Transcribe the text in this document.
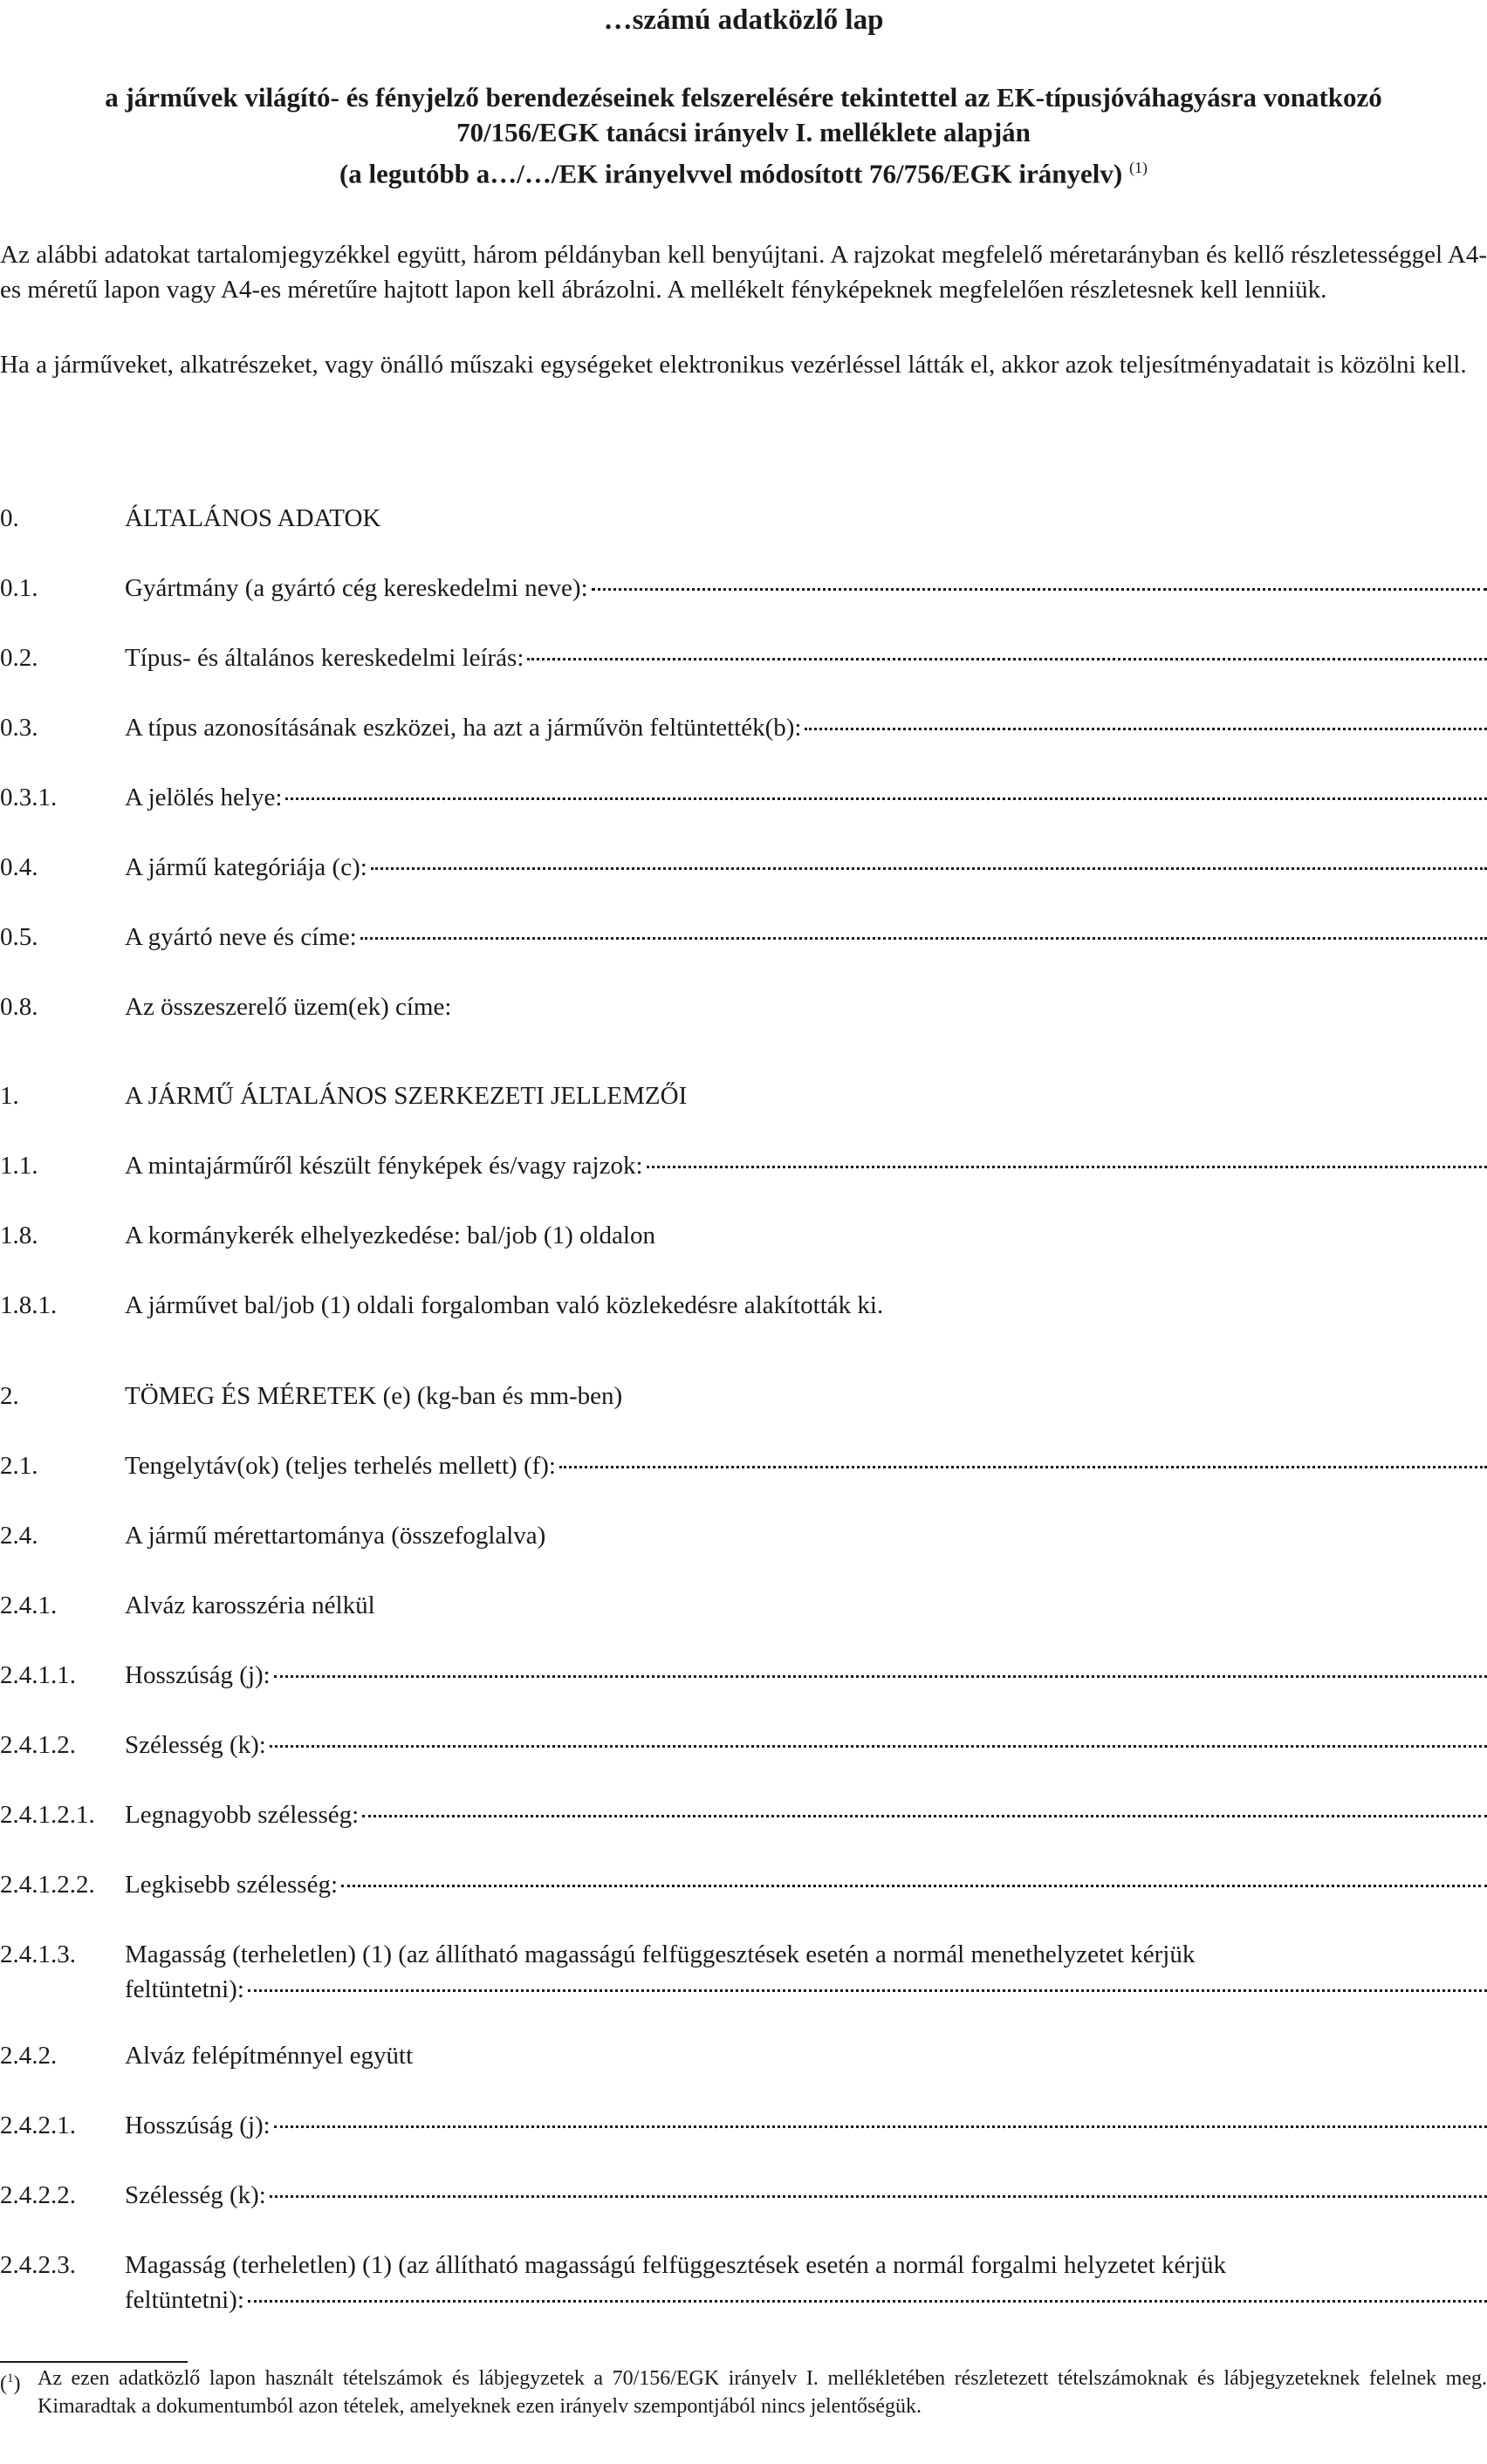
…számú adatközlő lap
a járművek világító- és fényjelző berendezéseinek felszerelésére tekintettel az EK-típusjóváhagyásra vonatkozó
70/156/EGK tanácsi irányelv I. melléklete alapján
(a legutóbb a…/…/EK irányelvvel módosított 76/756/EGK irányelv) $^{(1)}$

Az alábbi adatokat tartalomjegyzékkel együtt, három példányban kell benyújtani. A rajzokat megfelelő méretarányban és kellő részletességgel A4-es méretű lapon vagy A4-es méretűre hajtott lapon kell ábrázolni. A mellékelt fényképeknek megfelelően részletesnek kell lenniük.

Ha a járműveket, alkatrészeket, vagy önálló műszaki egységeket elektronikus vezérléssel látták el, akkor azok teljesítményadatait is közölni kell.

0.	ÁLTALÁNOS ADATOK
0.1.	Gyártmány (a gyártó cég kereskedelmi neve):
0.2.	Típus- és általános kereskedelmi leírás:
0.3.	A típus azonosításának eszközei, ha azt a járművön feltüntették(b):
0.3.1.	A jelölés helye:
0.4.	A jármű kategóriája (c):
0.5.	A gyártó neve és címe:
0.8.	Az összeszerelő üzem(ek) címe:
1.	A JÁRMŰ ÁLTALÁNOS SZERKEZETI JELLEMZŐI
1.1.	A mintajárműről készült fényképek és/vagy rajzok:
1.8.	A kormánykerék elhelyezkedése: bal/job (1) oldalon
1.8.1.	A járművet bal/job (1) oldali forgalomban való közlekedésre alakították ki.
2.	TÖMEG ÉS MÉRETEK (e) (kg-ban és mm-ben)
2.1.	Tengelytáv(ok) (teljes terhelés mellett) (f):
2.4.	A jármű mérettartománya (összefoglalva)
2.4.1.	Alváz karosszéria nélkül
2.4.1.1.	Hosszúság (j):
2.4.1.2.	Szélesség (k):
2.4.1.2.1.	Legnagyobb szélesség:
2.4.1.2.2.	Legkisebb szélesség:
2.4.1.3.	Magasság (terheletlen) (1) (az állítható magasságú felfüggesztések esetén a normál menethelyzetet kérjük
feltüntetni):
2.4.2.	Alváz felépítménnyel együtt
2.4.2.1.	Hosszúság (j):
2.4.2.2.	Szélesség (k):
2.4.2.3.	Magasság (terheletlen) (1) (az állítható magasságú felfüggesztések esetén a normál forgalmi helyzetet kérjük
feltüntetni):
($^1$) Az ezen adatközlő lapon használt tételszámok és lábjegyzetek a 70/156/EGK irányelv I. mellékletében részletezett tételszámoknak és lábjegyzeteknek felelnek meg. Kimaradtak a dokumentumból azon tételek, amelyeknek ezen irányelv szempontjából nincs jelentőségük.
